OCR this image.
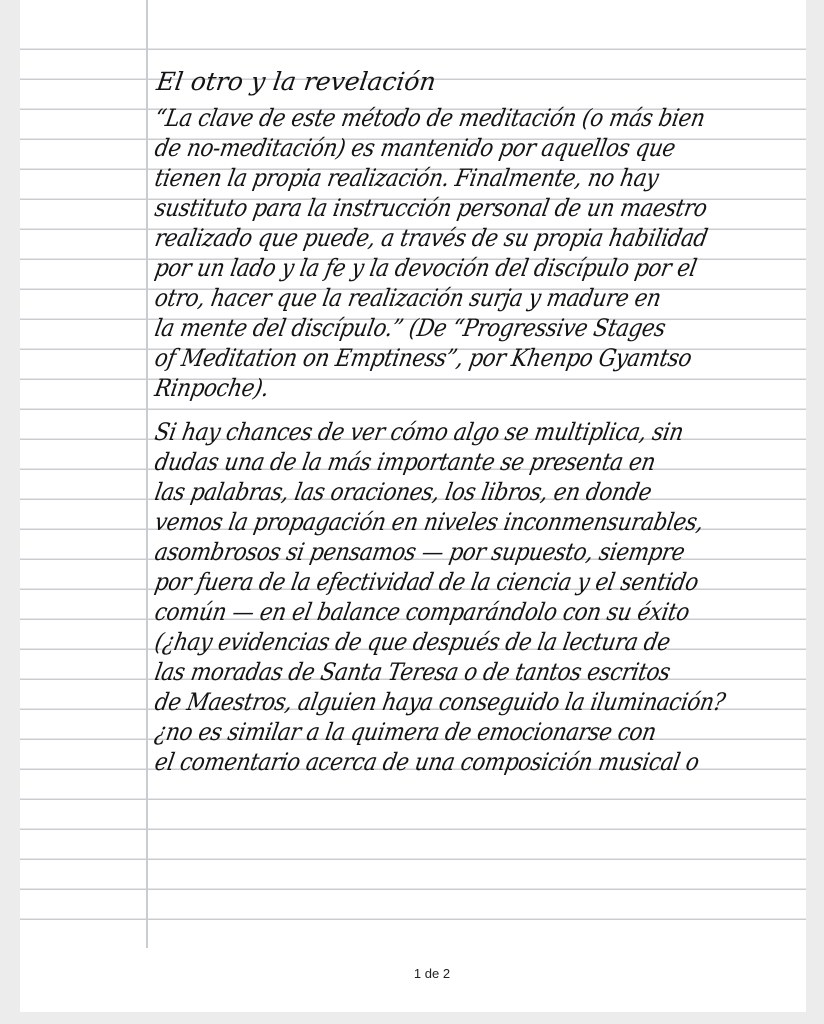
El otro y la revelación
“La clave de este método de meditación (o más bien
de no-meditación) es mantenido por aquellos que
tienen la propia realización. Finalmente, no hay
sustituto para la instrucción personal de un maestro
realizado que puede, a través de su propia habilidad
por un lado y la fe y la devoción del discípulo por el
otro, hacer que la realización surja y madure en
la mente del discípulo.” (De “Progressive Stages
of Meditation on Emptiness”, por Khenpo Gyamtso
Rinpoche).
Si hay chances de ver cómo algo se multiplica, sin
dudas una de la más importante se presenta en
las palabras, las oraciones, los libros, en donde
vemos la propagación en niveles inconmensurables,
asombrosos si pensamos — por supuesto, siempre
por fuera de la efectividad de la ciencia y el sentido
común — en el balance comparándolo con su éxito
(¿hay evidencias de que después de la lectura de
las moradas de Santa Teresa o de tantos escritos
de Maestros, alguien haya conseguido la iluminación?
¿no es similar a la quimera de emocionarse con
el comentario acerca de una composición musical o
1 de 2
